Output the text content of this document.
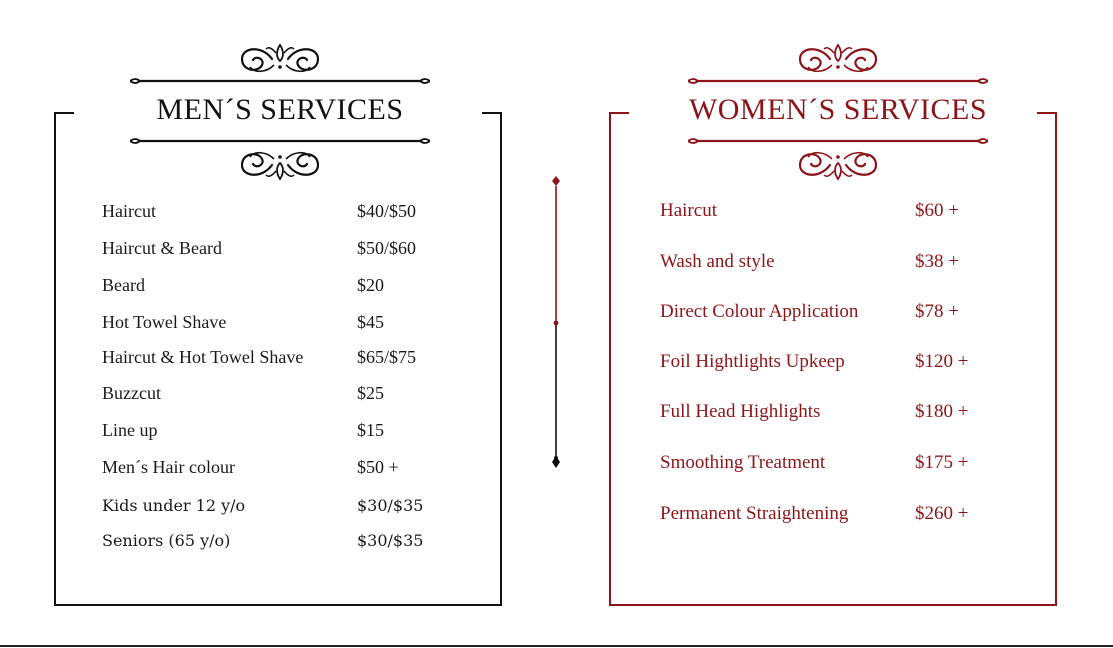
MEN´S SERVICES
Haircut	$40/$50
Haircut & Beard	$50/$60
Beard	$20
Hot Towel Shave	$45
Haircut & Hot Towel Shave	$65/$75
Buzzcut	$25
Line up	$15
Men´s Hair colour	$50 +
Kids under 12 y/o	$30/$35
Seniors (65 y/o)	$30/$35
WOMEN´S SERVICES
Haircut	$60 +
Wash and style	$38 +
Direct Colour Application	$78 +
Foil Hightlights Upkeep	$120 +
Full Head Highlights	$180 +
Smoothing Treatment	$175 +
Permanent Straightening	$260 +
